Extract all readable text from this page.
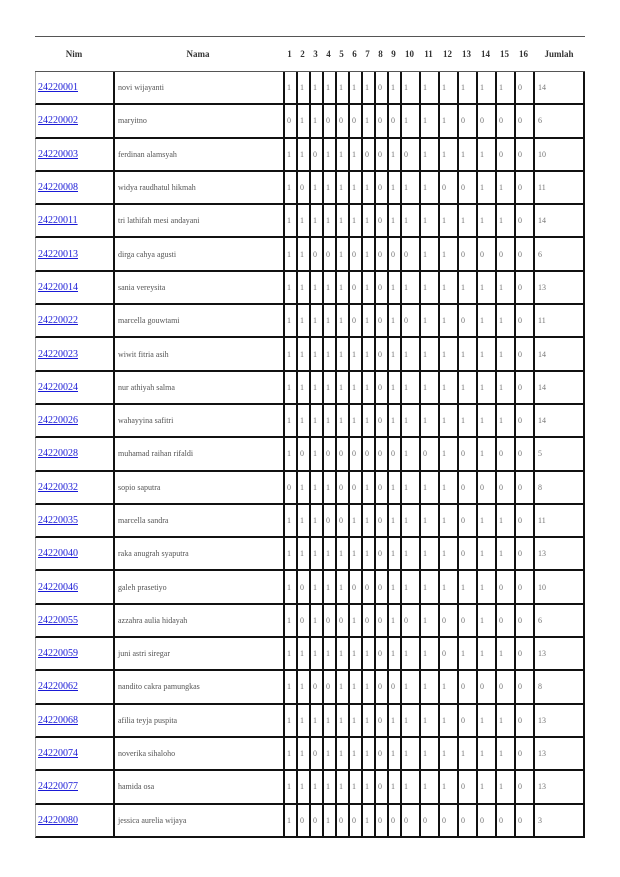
Nim	Nama	1	2	3	4	5	6	7	8	9	10	11	12	13	14	15	16	Jumlah
24220001	novi wijayanti	1	1	1	1	1	1	1	0	1	1	1	1	1	1	1	0	14
24220002	maryitno	0	1	1	0	0	0	1	0	0	1	1	1	0	0	0	0	6
24220003	ferdinan alamsyah	1	1	0	1	1	1	0	0	1	0	1	1	1	1	0	0	10
24220008	widya raudhatul hikmah	1	0	1	1	1	1	1	0	1	1	1	0	0	1	1	0	11
24220011	tri lathifah mesi andayani	1	1	1	1	1	1	1	0	1	1	1	1	1	1	1	0	14
24220013	dirga cahya agusti	1	1	0	0	1	0	1	0	0	0	1	1	0	0	0	0	6
24220014	sania vereysita	1	1	1	1	1	0	1	0	1	1	1	1	1	1	1	0	13
24220022	marcella gouwtami	1	1	1	1	1	0	1	0	1	0	1	1	0	1	1	0	11
24220023	wiwit fitria asih	1	1	1	1	1	1	1	0	1	1	1	1	1	1	1	0	14
24220024	nur athiyah salma	1	1	1	1	1	1	1	0	1	1	1	1	1	1	1	0	14
24220026	wahayyina safitri	1	1	1	1	1	1	1	0	1	1	1	1	1	1	1	0	14
24220028	muhamad raihan rifaldi	1	0	1	0	0	0	0	0	0	1	0	1	0	1	0	0	5
24220032	sopio saputra	0	1	1	1	0	0	1	0	1	1	1	1	0	0	0	0	8
24220035	marcella sandra	1	1	1	0	0	1	1	0	1	1	1	1	0	1	1	0	11
24220040	raka anugrah syaputra	1	1	1	1	1	1	1	0	1	1	1	1	0	1	1	0	13
24220046	galeh prasetiyo	1	0	1	1	1	0	0	0	1	1	1	1	1	1	0	0	10
24220055	azzahra aulia hidayah	1	0	1	0	0	1	0	0	1	0	1	0	0	1	0	0	6
24220059	juni astri siregar	1	1	1	1	1	1	1	0	1	1	1	0	1	1	1	0	13
24220062	nandito cakra pamungkas	1	1	0	0	1	1	1	0	0	1	1	1	0	0	0	0	8
24220068	afilia teyja puspita	1	1	1	1	1	1	1	0	1	1	1	1	0	1	1	0	13
24220074	noverika sihaloho	1	1	0	1	1	1	1	0	1	1	1	1	1	1	1	0	13
24220077	hamida osa	1	1	1	1	1	1	1	0	1	1	1	1	0	1	1	0	13
24220080	jessica aurelia wijaya	1	0	0	1	0	0	1	0	0	0	0	0	0	0	0	0	3
